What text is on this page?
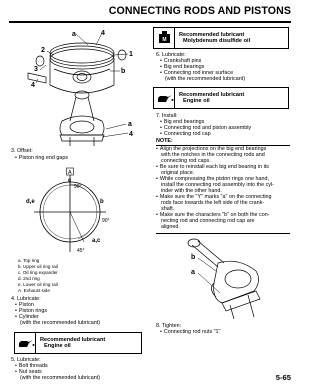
CONNECTING RODS AND PISTONS
a	4
2
1
3	b
4
a
4
3. Offset:
• Piston ring end gaps
A
c
90°
d,e	b
90°
a,c
45°
a. Top ring
b. Upper oil ring rail
c. Oil ring expander
d. 2nd ring
e. Lower oil ring rail
A. Exhaust side
4. Lubricate:
• Piston
• Piston rings
• Cylinder
(with the recommended lubricant)
Recommended lubricant
Engine oil
5. Lubricate:
• Bolt threads
• Nut seats
(with the recommended lubricant)
M
Recommended lubricant
Molybdenum disulfide oil
6. Lubricate:
• Crankshaft pins
• Big end bearings
• Connecting rod inner surface
(with the recommended lubricant)
Recommended lubricant
Engine oil
7. Install:
• Big end bearings
• Connecting rod and piston assembly
• Connecting rod cap
NOTE:
• Align the projections on the big end bearings
with the notches in the connecting rods and
connecting rod caps.
• Be sure to reinstall each big end bearing in its
original place.
• While compressing the piston rings one hand,
install the connecting rod assembly into the cyl-
inder with the other hand.
• Make sure the "Y" marks "a" on the connecting
rods face towards the left side of the crank-
shaft.
• Make sure the characters "b" on both the con-
necting rod and connecting rod cap are
aligned.
b
a
8. Tighten:
• Connecting rod nuts "1"
5-65
